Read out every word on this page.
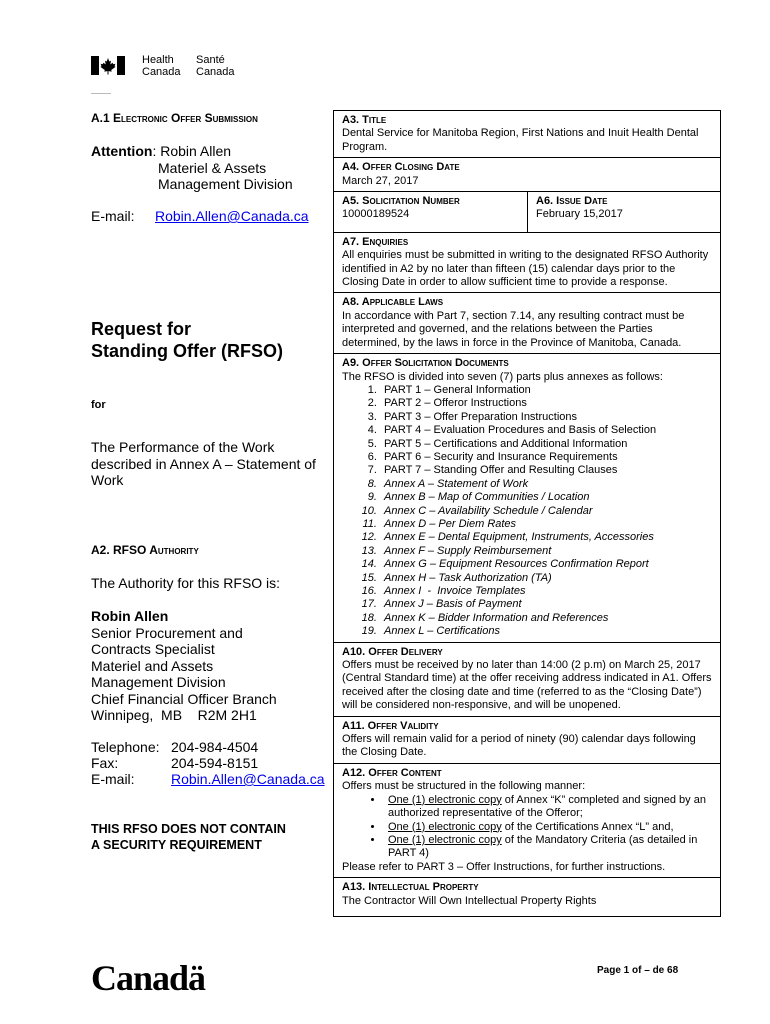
Health
Canada
Santé
Canada
A.1 Electronic Offer Submission
Attention: Robin Allen
Materiel & Assets
Management Division
E-mail: Robin.Allen@Canada.ca
Request for
Standing Offer (RFSO)
for
The Performance of the Work
described in Annex A – Statement of
Work
A2. RFSO Authority
The Authority for this RFSO is:
Robin Allen
Senior Procurement and
Contracts Specialist
Materiel and Assets
Management Division
Chief Financial Officer Branch
Winnipeg,  MB    R2M 2H1
Telephone: 204-984-4504
Fax:	204-594-8151
E-mail:	Robin.Allen@Canada.ca
THIS RFSO DOES NOT CONTAIN
A SECURITY REQUIREMENT
A3. Title
Dental Service for Manitoba Region, First Nations and Inuit Health Dental Program.
A4. Offer Closing Date
March 27, 2017
A5. Solicitation Number
10000189524
A6. Issue Date
February 15,2017
A7. Enquiries
All enquiries must be submitted in writing to the designated RFSO Authority identified in A2 by no later than fifteen (15) calendar days prior to the Closing Date in order to allow sufficient time to provide a response.
A8. Applicable Laws
In accordance with Part 7, section 7.14, any resulting contract must be interpreted and governed, and the relations between the Parties determined, by the laws in force in the Province of Manitoba, Canada.
A9. Offer Solicitation Documents
The RFSO is divided into seven (7) parts plus annexes as follows:
1. PART 1 – General Information
2. PART 2 – Offeror Instructions
3. PART 3 – Offer Preparation Instructions
4. PART 4 – Evaluation Procedures and Basis of Selection
5. PART 5 – Certifications and Additional Information
6. PART 6 – Security and Insurance Requirements
7. PART 7 – Standing Offer and Resulting Clauses
8. Annex A – Statement of Work
9. Annex B – Map of Communities / Location
10. Annex C – Availability Schedule / Calendar
11. Annex D – Per Diem Rates
12. Annex E – Dental Equipment, Instruments, Accessories
13. Annex F – Supply Reimbursement
14. Annex G – Equipment Resources Confirmation Report
15. Annex H – Task Authorization (TA)
16. Annex I  -  Invoice Templates
17. Annex J – Basis of Payment
18. Annex K – Bidder Information and References
19. Annex L – Certifications
A10. Offer Delivery
Offers must be received by no later than 14:00 (2 p.m) on March 25, 2017 (Central Standard time) at the offer receiving address indicated in A1. Offers received after the closing date and time (referred to as the “Closing Date”) will be considered non-responsive, and will be unopened.
A11. Offer Validity
Offers will remain valid for a period of ninety (90) calendar days following the Closing Date.
A12. Offer Content
Offers must be structured in the following manner:
• One (1) electronic copy of Annex “K” completed and signed by an authorized representative of the Offeror;
• One (1) electronic copy of the Certifications Annex “L” and,
• One (1) electronic copy of the Mandatory Criteria (as detailed in PART 4)
Please refer to PART 3 – Offer Instructions, for further instructions.
A13. Intellectual Property
The Contractor Will Own Intellectual Property Rights
Canadä	Page 1 of – de 68
